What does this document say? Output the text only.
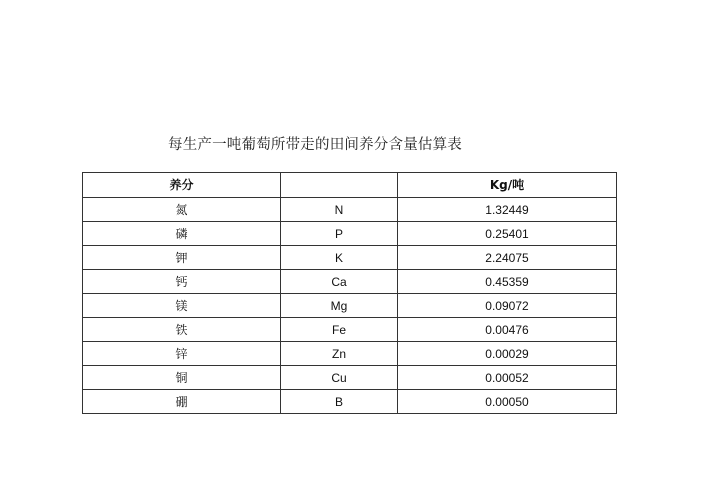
每生产一吨葡萄所带走的田间养分含量估算表
养分		Kg/吨
氮	N	1.32449
磷	P	0.25401
钾	K	2.24075
钙	Ca	0.45359
镁	Mg	0.09072
铁	Fe	0.00476
锌	Zn	0.00029
铜	Cu	0.00052
硼	B	0.00050
